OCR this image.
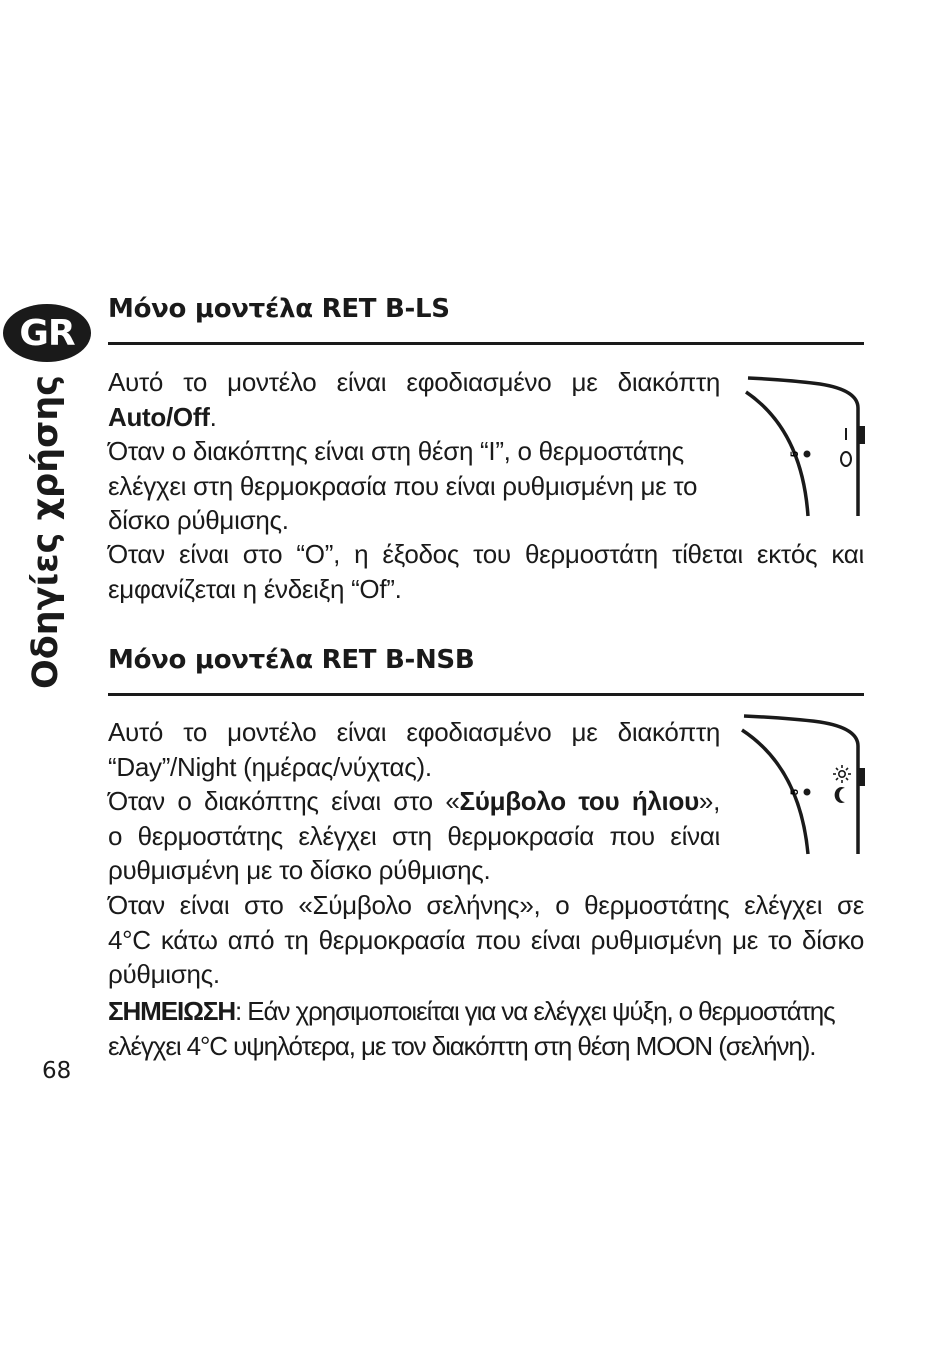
GR
Οδηγίες χρήσης
68
Μόνο μοντέλα RET B-LS

Αυτό το μοντέλο είναι εφοδιασμένο με διακόπτη

Auto/Off.

Όταν ο διακόπτης είναι στη θέση “I”, ο θερμοστάτης

ελέγχει στη θερμοκρασία που είναι ρυθμισμένη με το

δίσκο ρύθμισης.

Όταν είναι στο “O”, η έξοδος του θερμοστάτη τίθεται εκτός και

εμφανίζεται η ένδειξη “Of”.

5
Μόνο μοντέλα RET B-NSB

Αυτό το μοντέλο είναι εφοδιασμένο με διακόπτη

“Day”/Night (ημέρας/νύχτας).

Όταν ο διακόπτης είναι στο «Σύμβολο του ήλιου»,

ο θερμοστάτης ελέγχει στη θερμοκρασία που είναι

ρυθμισμένη με το δίσκο ρύθμισης.

Όταν είναι στο «Σύμβολο σελήνης», ο θερμοστάτης ελέγχει σε

4°C κάτω από τη θερμοκρασία που είναι ρυθμισμένη με το δίσκο

ρύθμισης.

ΣΗΜΕΙΩΣΗ: Εάν χρησιμοποιείται για να ελέγχει ψύξη, ο θερμοστάτης

ελέγχει 4°C υψηλότερα, με τον διακόπτη στη θέση MOON (σελήνη).

5
